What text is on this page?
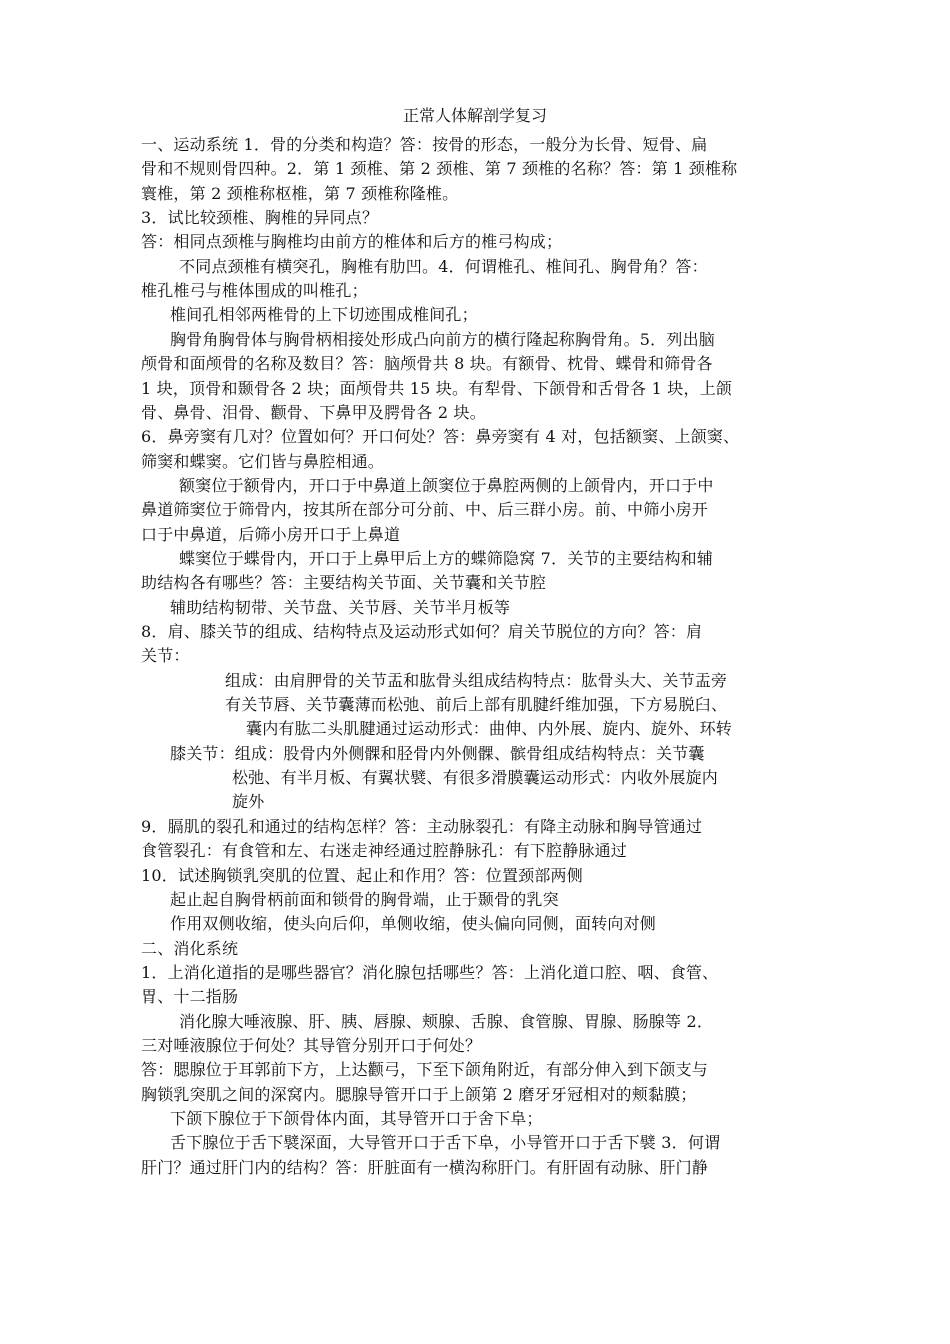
正常人体解剖学复习
一、运动系统 1．骨的分类和构造？答：按骨的形态，一般分为长骨、短骨、扁
骨和不规则骨四种。2．第 1 颈椎、第 2 颈椎、第 7 颈椎的名称？答：第 1 颈椎称
寰椎，第 2 颈椎称枢椎，第 7 颈椎称隆椎。
3．试比较颈椎、胸椎的异同点？
答：相同点颈椎与胸椎均由前方的椎体和后方的椎弓构成；
不同点颈椎有横突孔，胸椎有肋凹。4．何谓椎孔、椎间孔、胸骨角？答：
椎孔椎弓与椎体围成的叫椎孔；
椎间孔相邻两椎骨的上下切迹围成椎间孔；
胸骨角胸骨体与胸骨柄相接处形成凸向前方的横行隆起称胸骨角。5．列出脑
颅骨和面颅骨的名称及数目？答：脑颅骨共 8 块。有额骨、枕骨、蝶骨和筛骨各
1 块，顶骨和颞骨各 2 块；面颅骨共 15 块。有犁骨、下颌骨和舌骨各 1 块，上颌
骨、鼻骨、泪骨、颧骨、下鼻甲及腭骨各 2 块。
6．鼻旁窦有几对？位置如何？开口何处？答：鼻旁窦有 4 对，包括额窦、上颌窦、
筛窦和蝶窦。它们皆与鼻腔相通。
额窦位于额骨内，开口于中鼻道上颌窦位于鼻腔两侧的上颌骨内，开口于中
鼻道筛窦位于筛骨内，按其所在部分可分前、中、后三群小房。前、中筛小房开
口于中鼻道，后筛小房开口于上鼻道
蝶窦位于蝶骨内，开口于上鼻甲后上方的蝶筛隐窝 7．关节的主要结构和辅
助结构各有哪些？答：主要结构关节面、关节囊和关节腔
辅助结构韧带、关节盘、关节唇、关节半月板等
8．肩、膝关节的组成、结构特点及运动形式如何？肩关节脱位的方向？答：肩
关节：
组成：由肩胛骨的关节盂和肱骨头组成结构特点：肱骨头大、关节盂旁
有关节唇、关节囊薄而松弛、前后上部有肌腱纤维加强，下方易脱臼、
囊内有肱二头肌腱通过运动形式：曲伸、内外展、旋内、旋外、环转
膝关节：组成：股骨内外侧髁和胫骨内外侧髁、髌骨组成结构特点：关节囊
松弛、有半月板、有翼状襞、有很多滑膜囊运动形式：内收外展旋内
旋外
9．膈肌的裂孔和通过的结构怎样？答：主动脉裂孔：有降主动脉和胸导管通过
食管裂孔：有食管和左、右迷走神经通过腔静脉孔：有下腔静脉通过
10．试述胸锁乳突肌的位置、起止和作用？答：位置颈部两侧
起止起自胸骨柄前面和锁骨的胸骨端，止于颞骨的乳突
作用双侧收缩，使头向后仰，单侧收缩，使头偏向同侧，面转向对侧
二、消化系统
1．上消化道指的是哪些器官？消化腺包括哪些？答：上消化道口腔、咽、食管、
胃、十二指肠
消化腺大唾液腺、肝、胰、唇腺、颊腺、舌腺、食管腺、胃腺、肠腺等 2．
三对唾液腺位于何处？其导管分别开口于何处？
答：腮腺位于耳郭前下方，上达颧弓，下至下颌角附近，有部分伸入到下颌支与
胸锁乳突肌之间的深窝内。腮腺导管开口于上颌第 2 磨牙牙冠相对的颊黏膜；
下颌下腺位于下颌骨体内面，其导管开口于舍下阜；
舌下腺位于舌下襞深面，大导管开口于舌下阜，小导管开口于舌下襞 3．何谓
肝门？通过肝门内的结构？答：肝脏面有一横沟称肝门。有肝固有动脉、肝门静
